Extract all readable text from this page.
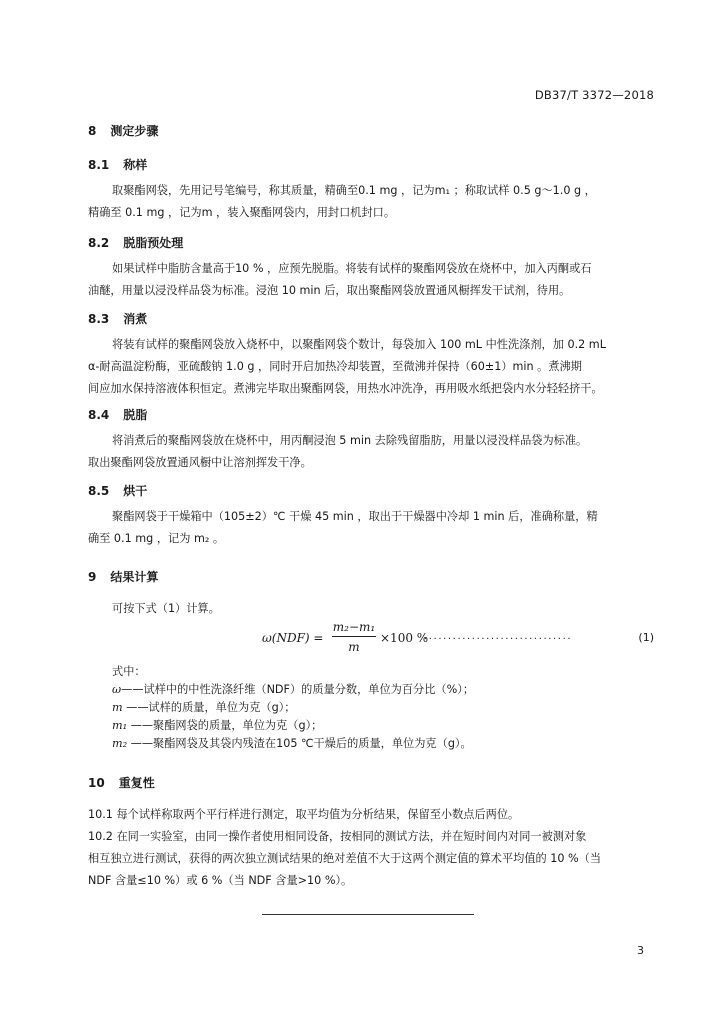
DB37/T 3372—2018
8 测定步骤
8.1 称样
取聚酯网袋，先用记号笔编号，称其质量，精确至0.1 mg ，记为m₁ ；称取试样 0.5 g～1.0 g ，
精确至 0.1 mg ，记为m ，装入聚酯网袋内，用封口机封口。
8.2 脱脂预处理
如果试样中脂肪含量高于10 % ，应预先脱脂。将装有试样的聚酯网袋放在烧杯中，加入丙酮或石
油醚，用量以浸没样品袋为标准。浸泡 10 min 后，取出聚酯网袋放置通风橱挥发干试剂，待用。
8.3 消煮
将装有试样的聚酯网袋放入烧杯中，以聚酯网袋个数计，每袋加入 100 mL 中性洗涤剂，加 0.2 mL
α-耐高温淀粉酶，亚硫酸钠 1.0 g ，同时开启加热冷却装置，至微沸并保持（60±1）min 。煮沸期
间应加水保持溶液体积恒定。煮沸完毕取出聚酯网袋，用热水冲洗净，再用吸水纸把袋内水分轻轻挤干。
8.4 脱脂
将消煮后的聚酯网袋放在烧杯中，用丙酮浸泡 5 min 去除残留脂肪，用量以浸没样品袋为标准。
取出聚酯网袋放置通风橱中让溶剂挥发干净。
8.5 烘干
聚酯网袋于干燥箱中（105±2）℃ 干燥 45 min ，取出于干燥器中冷却 1 min 后，准确称量，精
确至 0.1 mg ，记为 m₂ 。
9 结果计算
可按下式（1）计算。
$\omega(NDF) = \frac{\text{m₂−m₁}}{m} \times 100$ %
...............................	(1)
式中：
ω——试样中的中性洗涤纤维（NDF）的质量分数，单位为百分比（%）；
m ——试样的质量，单位为克（g）；
m₁ ——聚酯网袋的质量，单位为克（g）；
m₂ ——聚酯网袋及其袋内残渣在105 ℃干燥后的质量，单位为克（g）。
10 重复性
10.1 每个试样称取两个平行样进行测定，取平均值为分析结果，保留至小数点后两位。
10.2 在同一实验室，由同一操作者使用相同设备，按相同的测试方法，并在短时间内对同一被测对象
相互独立进行测试，获得的两次独立测试结果的绝对差值不大于这两个测定值的算术平均值的 10 %（当
NDF 含量≤10 %）或 6 %（当 NDF 含量>10 %）。
3
